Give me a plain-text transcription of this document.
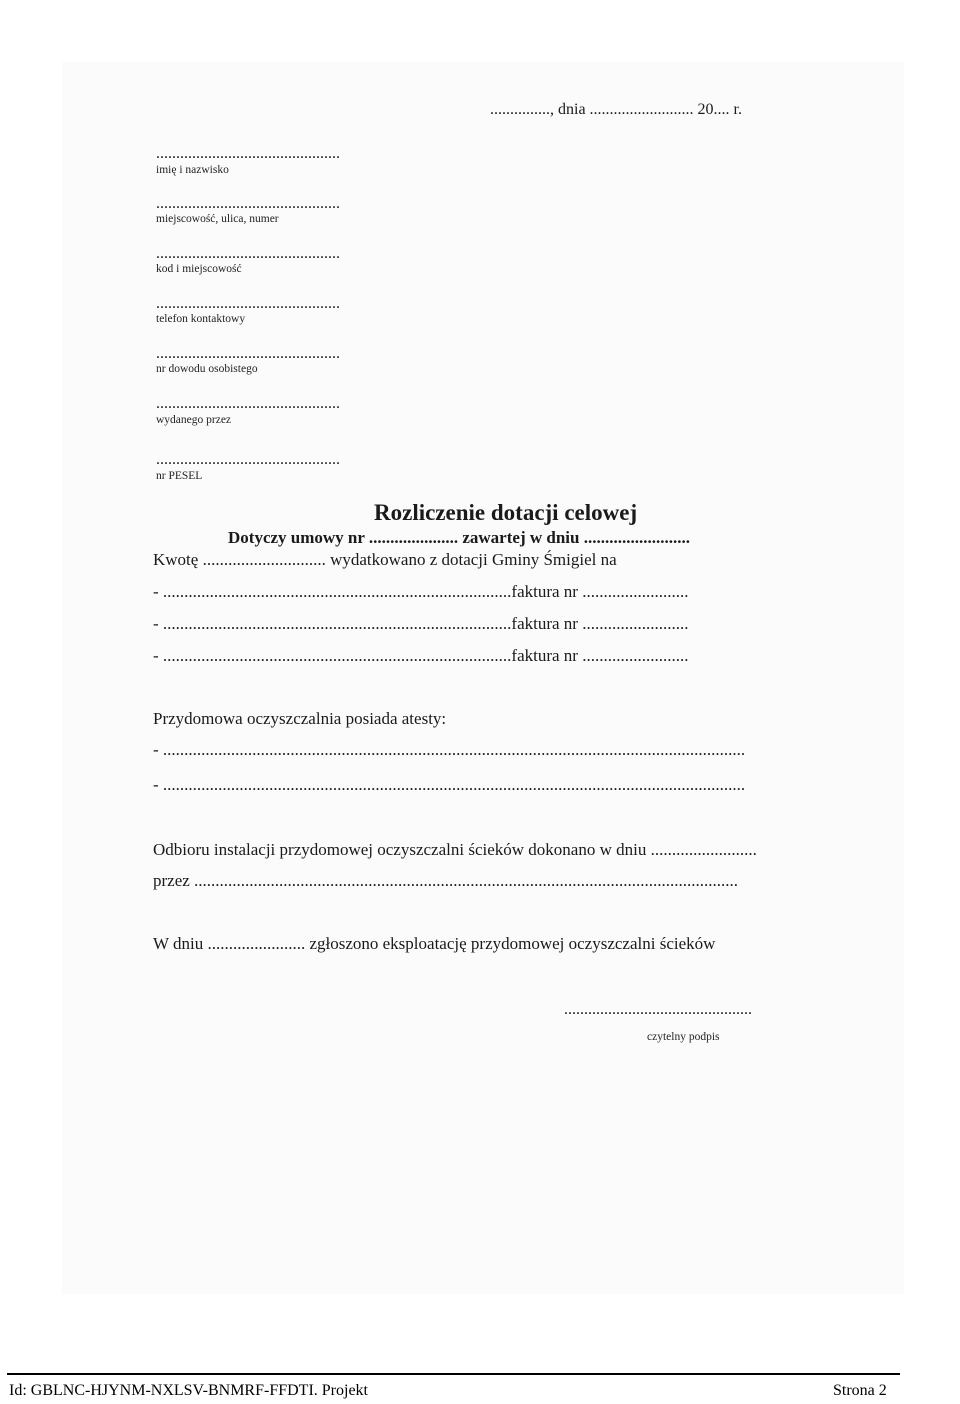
..............., dnia .......................... 20.... r.
..............................................
imię i nazwisko
..............................................
miejscowość, ulica, numer
..............................................
kod i miejscowość
..............................................
telefon kontaktowy
..............................................
nr dowodu osobistego
..............................................
wydanego przez
..............................................
nr PESEL
Rozliczenie dotacji celowej
Dotyczy umowy nr ..................... zawartej w dniu .........................
Kwotę ............................. wydatkowano z dotacji Gminy Śmigiel na
- ..................................................................................faktura nr .........................
- ..................................................................................faktura nr .........................
- ..................................................................................faktura nr .........................
Przydomowa oczyszczalnia posiada atesty:
- .........................................................................................................................................
- .........................................................................................................................................
Odbioru instalacji przydomowej oczyszczalni ścieków dokonano w dniu .........................
przez ................................................................................................................................
W dniu ....................... zgłoszono eksploatację przydomowej oczyszczalni ścieków
...............................................
czytelny podpis
Id: GBLNC-HJYNM-NXLSV-BNMRF-FFDTI. Projekt	Strona 2
